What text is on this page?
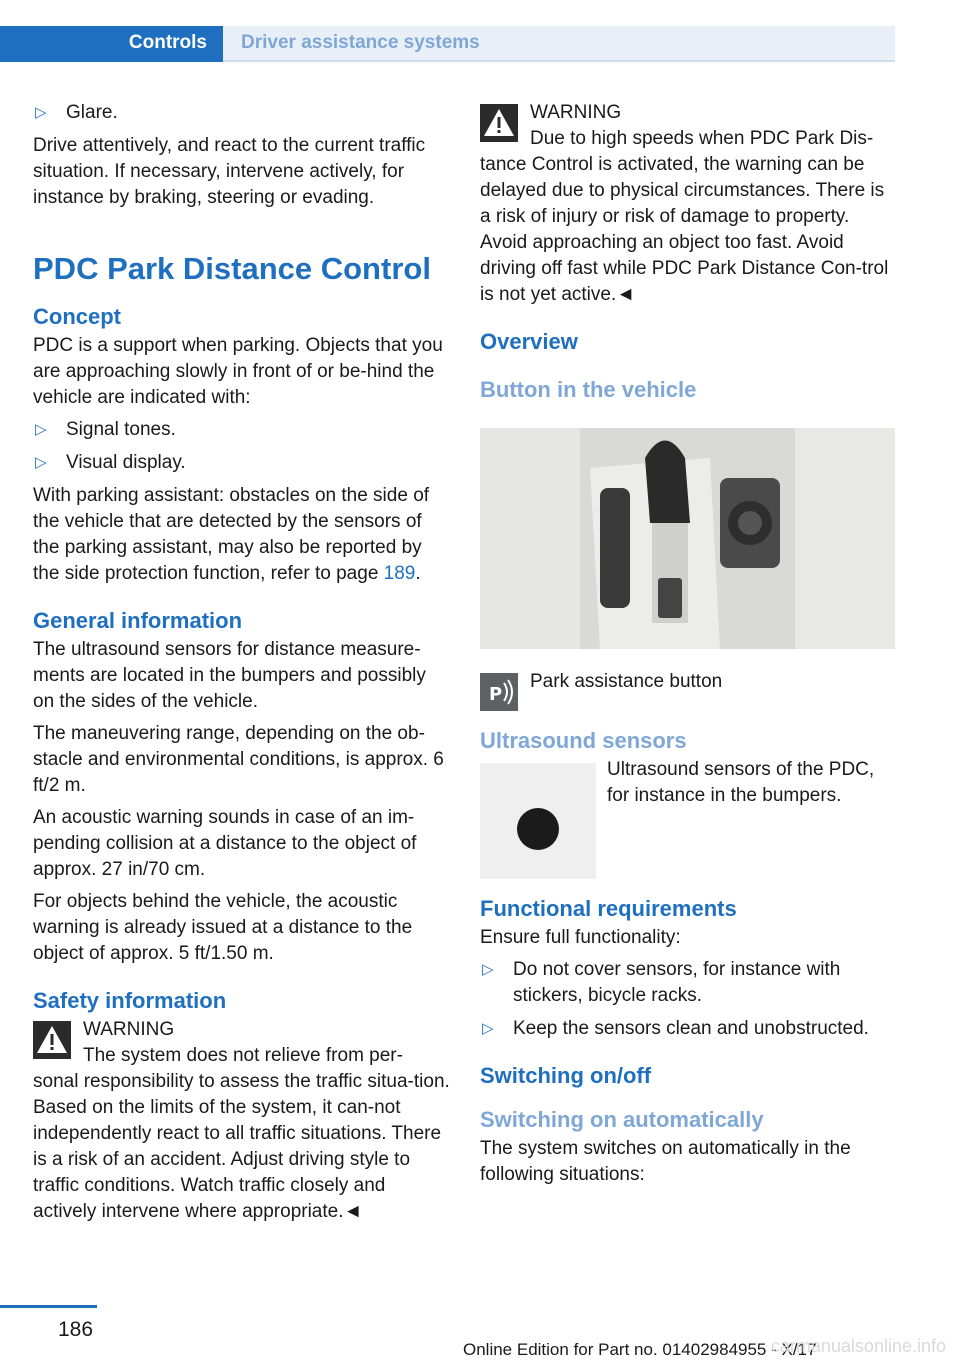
Controls Driver assistance systems
▷ Glare.

Drive attentively, and react to the current traffic situation. If necessary, intervene actively, for instance by braking, steering or evading.

PDC Park Distance Control
Concept

PDC is a support when parking. Objects that you are approaching slowly in front of or be‐hind the vehicle are indicated with:

▷ Signal tones.
▷ Visual display.

With parking assistant: obstacles on the side of the vehicle that are detected by the sensors of the parking assistant, may also be reported by the side protection function, refer to page 189.

General information

The ultrasound sensors for distance measure‐ments are located in the bumpers and possibly on the sides of the vehicle.

The maneuvering range, depending on the ob‐stacle and environmental conditions, is approx. 6 ft/2 m.

An acoustic warning sounds in case of an im‐pending collision at a distance to the object of approx. 27 in/70 cm.

For objects behind the vehicle, the acoustic warning is already issued at a distance to the object of approx. 5 ft/1.50 m.

Safety information
WARNING
The system does not relieve from per‐
sonal responsibility to assess the traffic situa‐tion. Based on the limits of the system, it can‐not independently react to all traffic situations. There is a risk of an accident. Adjust driving style to traffic conditions. Watch traffic closely and actively intervene where appropriate.◄
WARNING
Due to high speeds when PDC Park Dis‐
tance Control is activated, the warning can be delayed due to physical circumstances. There is a risk of injury or risk of damage to property. Avoid approaching an object too fast. Avoid driving off fast while PDC Park Distance Con‐trol is not yet active.◄
Overview
Button in the vehicle
P
Park assistance button
Ultrasound sensors
Ultrasound sensors of the PDC, for instance in the bumpers.
Functional requirements

Ensure full functionality:

▷ Do not cover sensors, for instance with stickers, bicycle racks.
▷ Keep the sensors clean and unobstructed.
Switching on/off
Switching on automatically

The system switches on automatically in the following situations:

186
Online Edition for Part no. 01402984955 - X/17
carmanualsonline.info
